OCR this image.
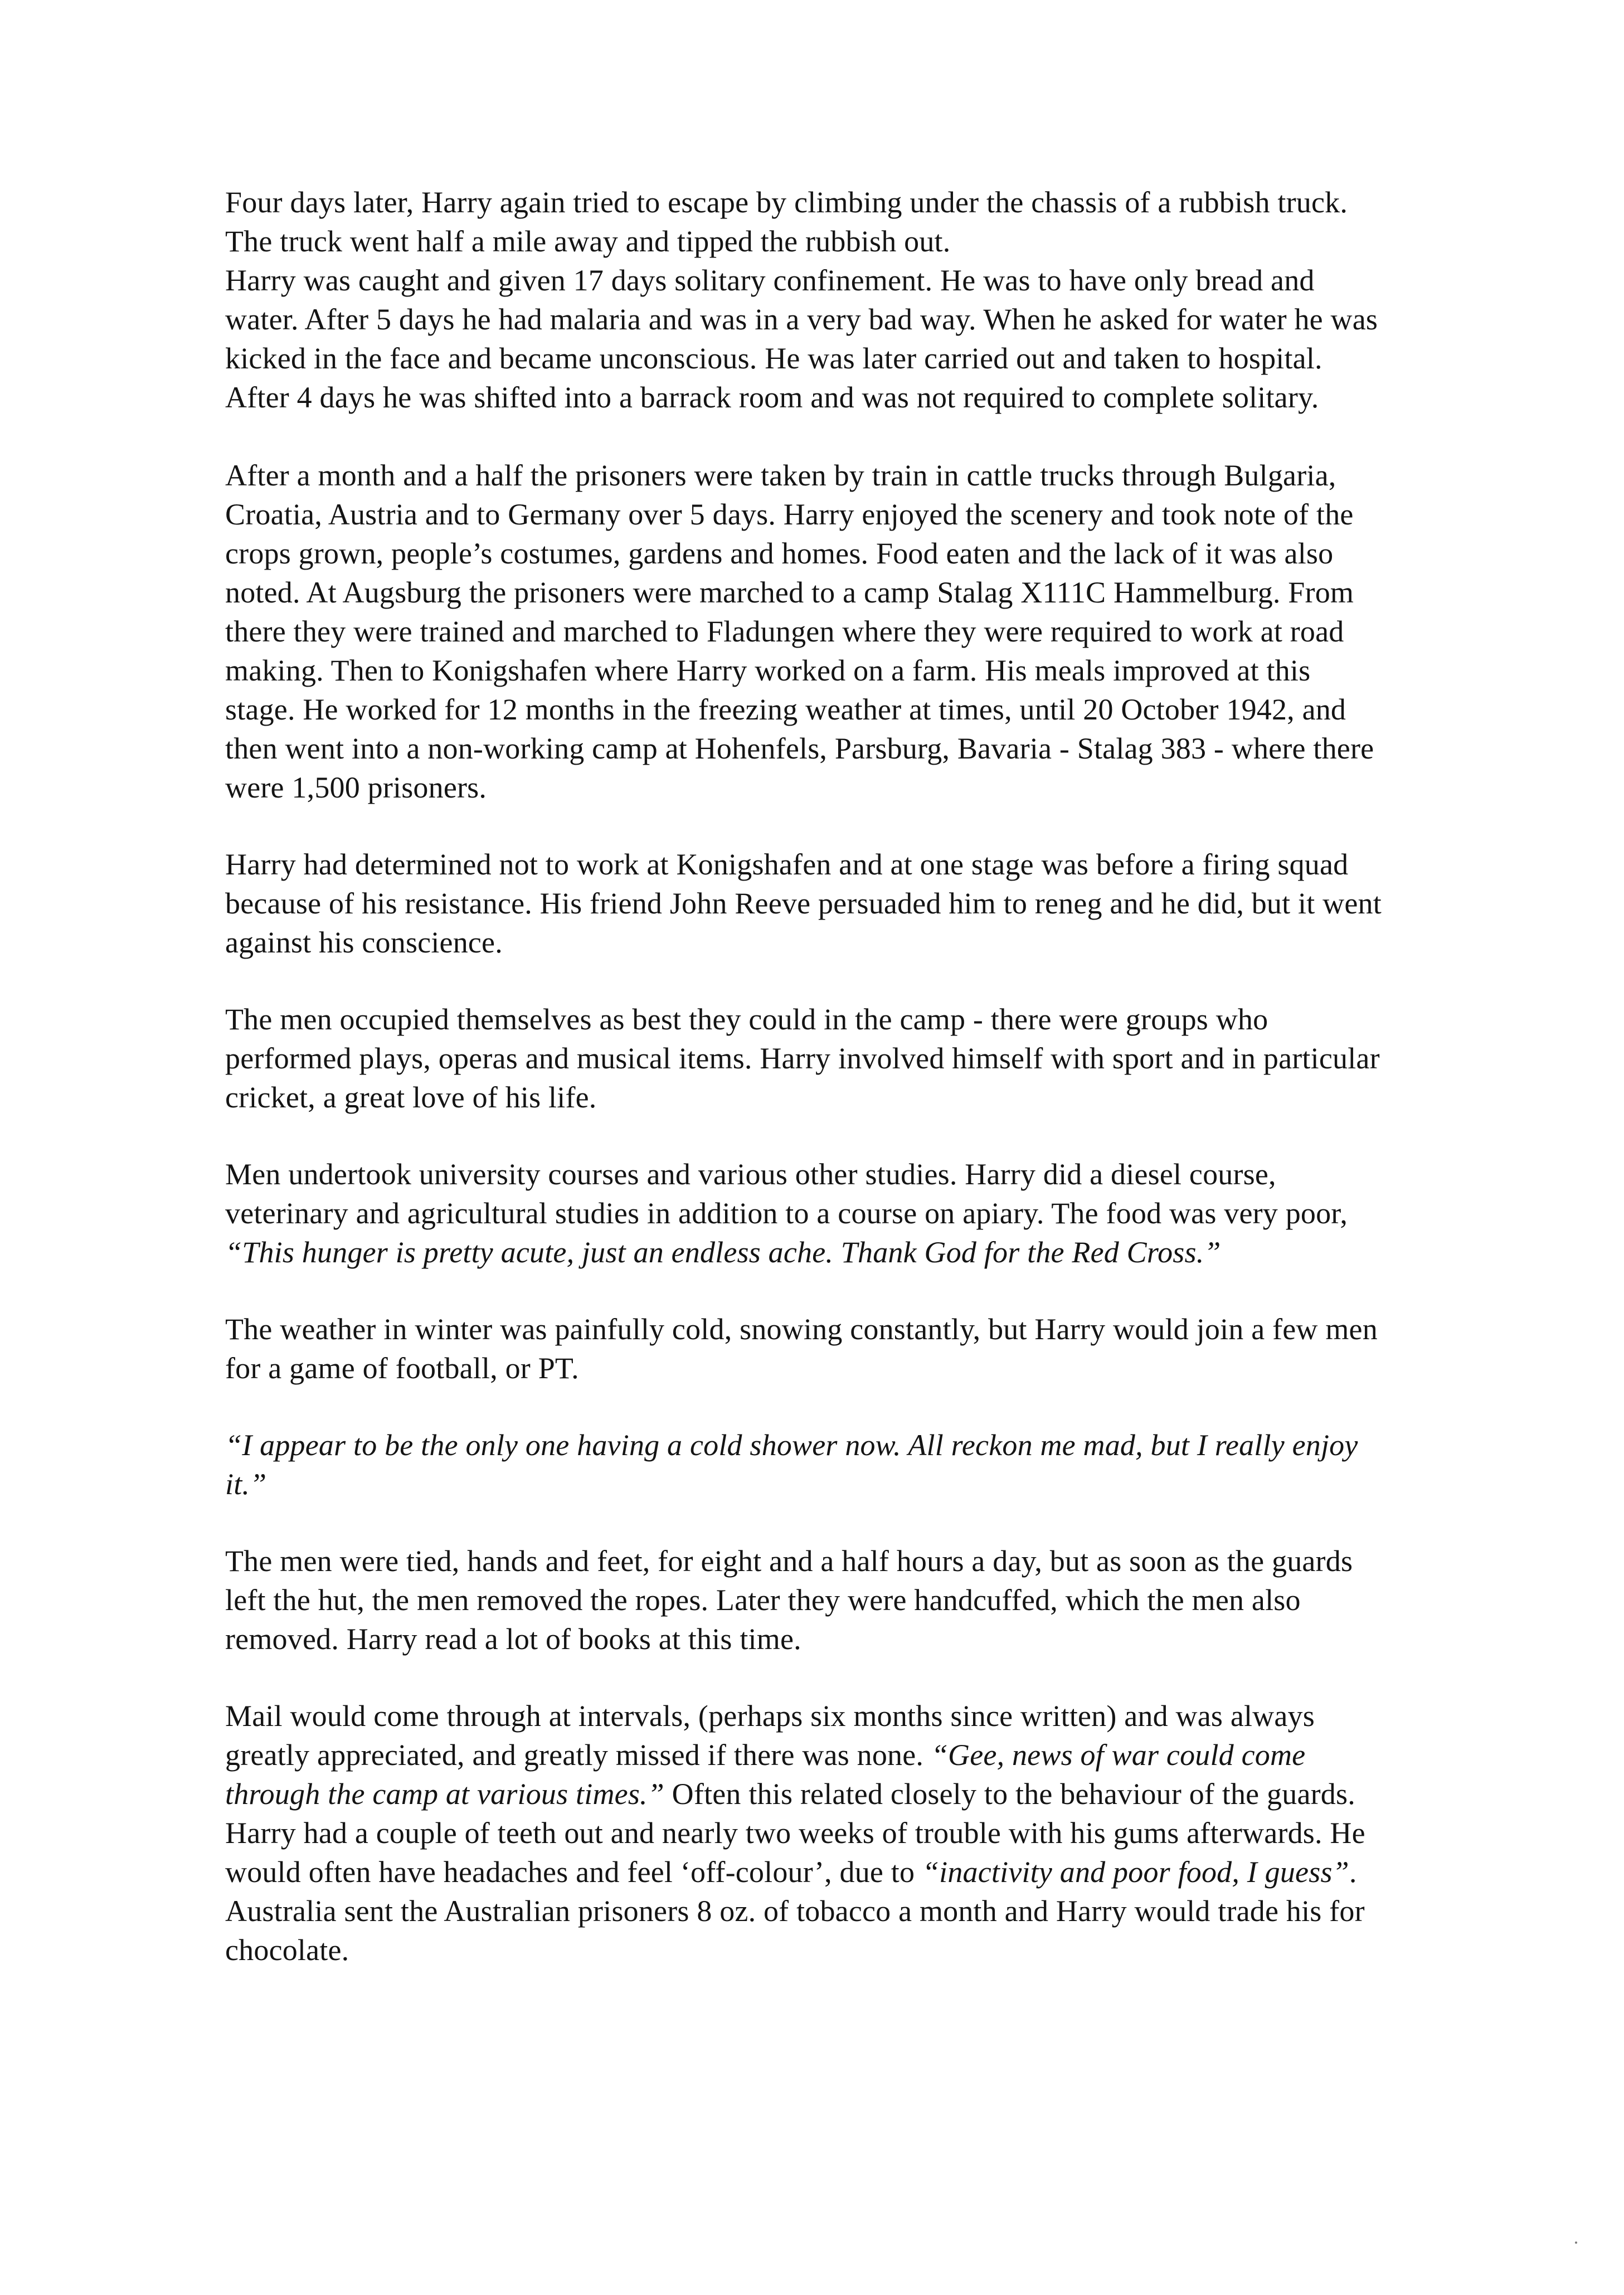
Four days later, Harry again tried to escape by climbing under the chassis of a rubbish truck. The truck went half a mile away and tipped the rubbish out.
Harry was caught and given 17 days solitary confinement. He was to have only bread and water. After 5 days he had malaria and was in a very bad way. When he asked for water he was kicked in the face and became unconscious. He was later carried out and taken to hospital. After 4 days he was shifted into a barrack room and was not required to complete solitary.

After a month and a half the prisoners were taken by train in cattle trucks through Bulgaria, Croatia, Austria and to Germany over 5 days. Harry enjoyed the scenery and took note of the crops grown, people’s costumes, gardens and homes. Food eaten and the lack of it was also noted. At Augsburg the prisoners were marched to a camp Stalag X111C Hammelburg. From there they were trained and marched to Fladungen where they were required to work at road making. Then to Konigshafen where Harry worked on a farm. His meals improved at this stage. He worked for 12 months in the freezing weather at times, until 20 October 1942, and then went into a non-working camp at Hohenfels, Parsburg, Bavaria - Stalag 383 - where there were 1,500 prisoners.

Harry had determined not to work at Konigshafen and at one stage was before a firing squad because of his resistance. His friend John Reeve persuaded him to reneg and he did, but it went against his conscience.

The men occupied themselves as best they could in the camp - there were groups who performed plays, operas and musical items. Harry involved himself with sport and in particular cricket, a great love of his life.

Men undertook university courses and various other studies. Harry did a diesel course, veterinary and agricultural studies in addition to a course on apiary. The food was very poor, “This hunger is pretty acute, just an endless ache. Thank God for the Red Cross.”

The weather in winter was painfully cold, snowing constantly, but Harry would join a few men for a game of football, or PT.

“I appear to be the only one having a cold shower now. All reckon me mad, but I really enjoy it.”

The men were tied, hands and feet, for eight and a half hours a day, but as soon as the guards left the hut, the men removed the ropes. Later they were handcuffed, which the men also removed. Harry read a lot of books at this time.

Mail would come through at intervals, (perhaps six months since written) and was always greatly appreciated, and greatly missed if there was none. “Gee, news of war could come through the camp at various times.” Often this related closely to the behaviour of the guards. Harry had a couple of teeth out and nearly two weeks of trouble with his gums afterwards. He would often have headaches and feel ‘off-colour’, due to “inactivity and poor food, I guess”. Australia sent the Australian prisoners 8 oz. of tobacco a month and Harry would trade his for chocolate.
